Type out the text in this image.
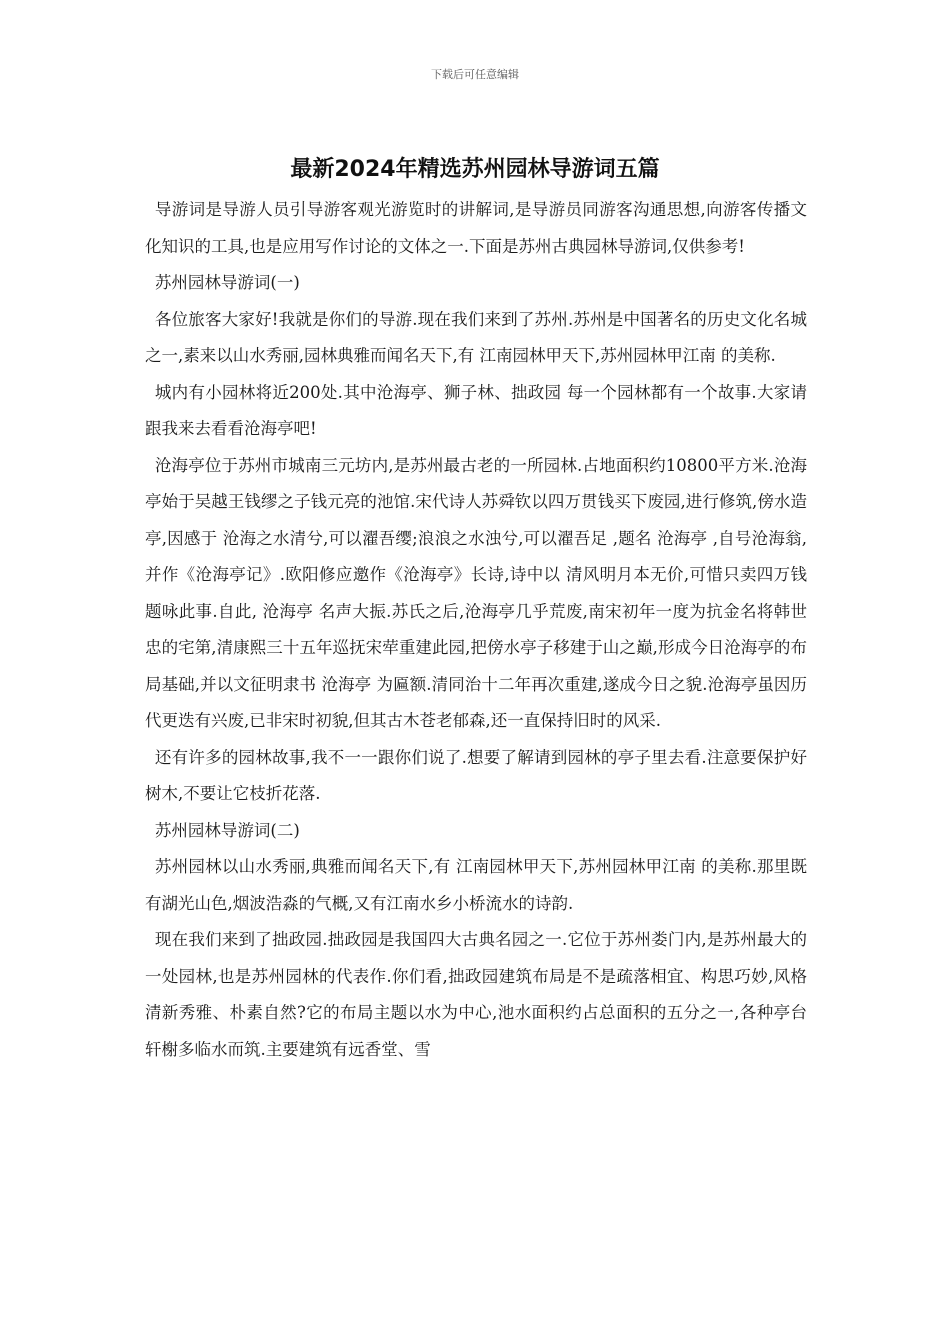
下载后可任意编辑
最新2024年精选苏州园林导游词五篇

导游词是导游人员引导游客观光游览时的讲解词,是导游员同游客沟通思想,向游客传播文化知识的工具,也是应用写作讨论的文体之一.下面是苏州古典园林导游词,仅供参考!

苏州园林导游词(一)

各位旅客大家好!我就是你们的导游.现在我们来到了苏州.苏州是中国著名的历史文化名城之一,素来以山水秀丽,园林典雅而闻名天下,有 江南园林甲天下,苏州园林甲江南 的美称.

城内有小园林将近200处.其中沧海亭、狮子林、拙政园 每一个园林都有一个故事.大家请跟我来去看看沧海亭吧!

沧海亭位于苏州市城南三元坊内,是苏州最古老的一所园林.占地面积约10800平方米.沧海亭始于吴越王钱缪之子钱元亮的池馆.宋代诗人苏舜钦以四万贯钱买下废园,进行修筑,傍水造亭,因感于 沧海之水清兮,可以濯吾缨;浪浪之水浊兮,可以濯吾足 ,题名 沧海亭 ,自号沧海翁,并作《沧海亭记》.欧阳修应邀作《沧海亭》长诗,诗中以 清风明月本无价,可惜只卖四万钱 题咏此事.自此, 沧海亭 名声大振.苏氏之后,沧海亭几乎荒废,南宋初年一度为抗金名将韩世忠的宅第,清康熙三十五年巡抚宋荦重建此园,把傍水亭子移建于山之巅,形成今日沧海亭的布局基础,并以文征明隶书 沧海亭 为匾额.清同治十二年再次重建,遂成今日之貌.沧海亭虽因历代更迭有兴废,已非宋时初貌,但其古木苍老郁森,还一直保持旧时的风采.

还有许多的园林故事,我不一一跟你们说了.想要了解请到园林的亭子里去看.注意要保护好树木,不要让它枝折花落.

苏州园林导游词(二)

苏州园林以山水秀丽,典雅而闻名天下,有 江南园林甲天下,苏州园林甲江南 的美称.那里既有湖光山色,烟波浩淼的气概,又有江南水乡小桥流水的诗韵.

现在我们来到了拙政园.拙政园是我国四大古典名园之一.它位于苏州娄门内,是苏州最大的一处园林,也是苏州园林的代表作.你们看,拙政园建筑布局是不是疏落相宜、构思巧妙,风格清新秀雅、朴素自然?它的布局主题以水为中心,池水面积约占总面积的五分之一,各种亭台轩榭多临水而筑.主要建筑有远香堂、雪
